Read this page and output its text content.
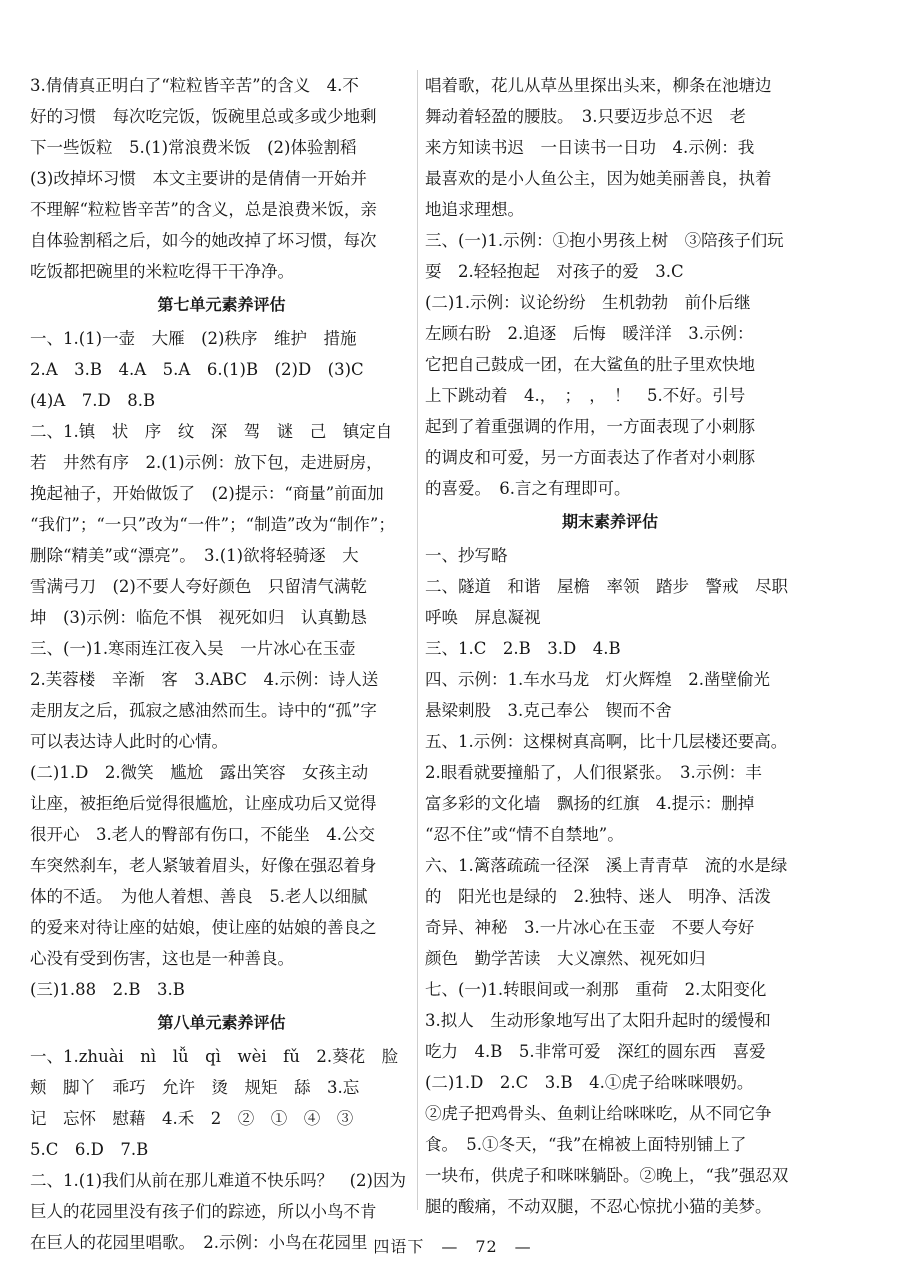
3.倩倩真正明白了“粒粒皆辛苦”的含义　4.不
好的习惯　每次吃完饭，饭碗里总或多或少地剩
下一些饭粒　5.(1)常浪费米饭　(2)体验割稻
(3)改掉坏习惯　本文主要讲的是倩倩一开始并
不理解“粒粒皆辛苦”的含义，总是浪费米饭，亲
自体验割稻之后，如今的她改掉了坏习惯，每次
吃饭都把碗里的米粒吃得干干净净。
第七单元素养评估
一、1.(1)一壶　大雁　(2)秩序　维护　措施
2.A　3.B　4.A　5.A　6.(1)B　(2)D　(3)C
(4)A　7.D　8.B
二、1.镇　状　序　纹　深　驾　谜　己　镇定自
若　井然有序　2.(1)示例：放下包，走进厨房，
挽起袖子，开始做饭了　(2)提示：“商量”前面加
“我们”；“一只”改为“一件”；“制造”改为“制作”；
删除“精美”或“漂亮”。　3.(1)欲将轻骑逐　大
雪满弓刀　(2)不要人夸好颜色　只留清气满乾
坤　(3)示例：临危不惧　视死如归　认真勤恳
三、(一)1.寒雨连江夜入吴　一片冰心在玉壶
2.芙蓉楼　辛渐　客　3.ABC　4.示例：诗人送
走朋友之后，孤寂之感油然而生。诗中的“孤”字
可以表达诗人此时的心情。
(二)1.D　2.微笑　尴尬　露出笑容　女孩主动
让座，被拒绝后觉得很尴尬，让座成功后又觉得
很开心　3.老人的臀部有伤口，不能坐　4.公交
车突然刹车，老人紧皱着眉头，好像在强忍着身
体的不适。　为他人着想、善良　5.老人以细腻
的爱来对待让座的姑娘，使让座的姑娘的善良之
心没有受到伤害，这也是一种善良。
(三)1.88　2.B　3.B
第八单元素养评估
一、1.zhuài　nì　lǚ　qì　wèi　fǔ　2.葵花　脸
颊　脚丫　乖巧　允许　烫　规矩　舔　3.忘
记　忘怀　慰藉　4.禾　2　②　①　④　③
5.C　6.D　7.B
二、1.(1)我们从前在那儿难道不快乐吗？　(2)因为
巨人的花园里没有孩子们的踪迹，所以小鸟不肯
在巨人的花园里唱歌。　2.示例：小鸟在花园里
唱着歌，花儿从草丛里探出头来，柳条在池塘边
舞动着轻盈的腰肢。　3.只要迈步总不迟　老
来方知读书迟　一日读书一日功　4.示例：我
最喜欢的是小人鱼公主，因为她美丽善良，执着
地追求理想。
三、(一)1.示例：①抱小男孩上树　③陪孩子们玩
耍　2.轻轻抱起　对孩子的爱　3.C
(二)1.示例：议论纷纷　生机勃勃　前仆后继
左顾右盼　2.追逐　后悔　暖洋洋　3.示例：
它把自己鼓成一团，在大鲨鱼的肚子里欢快地
上下跳动着　4.，　；　，　！　5.不好。引号
起到了着重强调的作用，一方面表现了小刺豚
的调皮和可爱，另一方面表达了作者对小刺豚
的喜爱。　6.言之有理即可。
期末素养评估
一、抄写略
二、隧道　和谐　屋檐　率领　踏步　警戒　尽职
呼唤　屏息凝视
三、1.C　2.B　3.D　4.B
四、示例：1.车水马龙　灯火辉煌　2.凿壁偷光
悬梁刺股　3.克己奉公　锲而不舍
五、1.示例：这棵树真高啊，比十几层楼还要高。
2.眼看就要撞船了，人们很紧张。　3.示例：丰
富多彩的文化墙　飘扬的红旗　4.提示：删掉
“忍不住”或“情不自禁地”。
六、1.篱落疏疏一径深　溪上青青草　流的水是绿
的　阳光也是绿的　2.独特、迷人　明净、活泼
奇异、神秘　3.一片冰心在玉壶　不要人夸好
颜色　勤学苦读　大义凛然、视死如归
七、(一)1.转眼间或一刹那　重荷　2.太阳变化
3.拟人　生动形象地写出了太阳升起时的缓慢和
吃力　4.B　5.非常可爱　深红的圆东西　喜爱
(二)1.D　2.C　3.B　4.①虎子给咪咪喂奶。
②虎子把鸡骨头、鱼刺让给咪咪吃，从不同它争
食。　5.①冬天，“我”在棉被上面特别铺上了
一块布，供虎子和咪咪躺卧。②晚上，“我”强忍双
腿的酸痛，不动双腿，不忍心惊扰小猫的美梦。
四语下　—　72　—
